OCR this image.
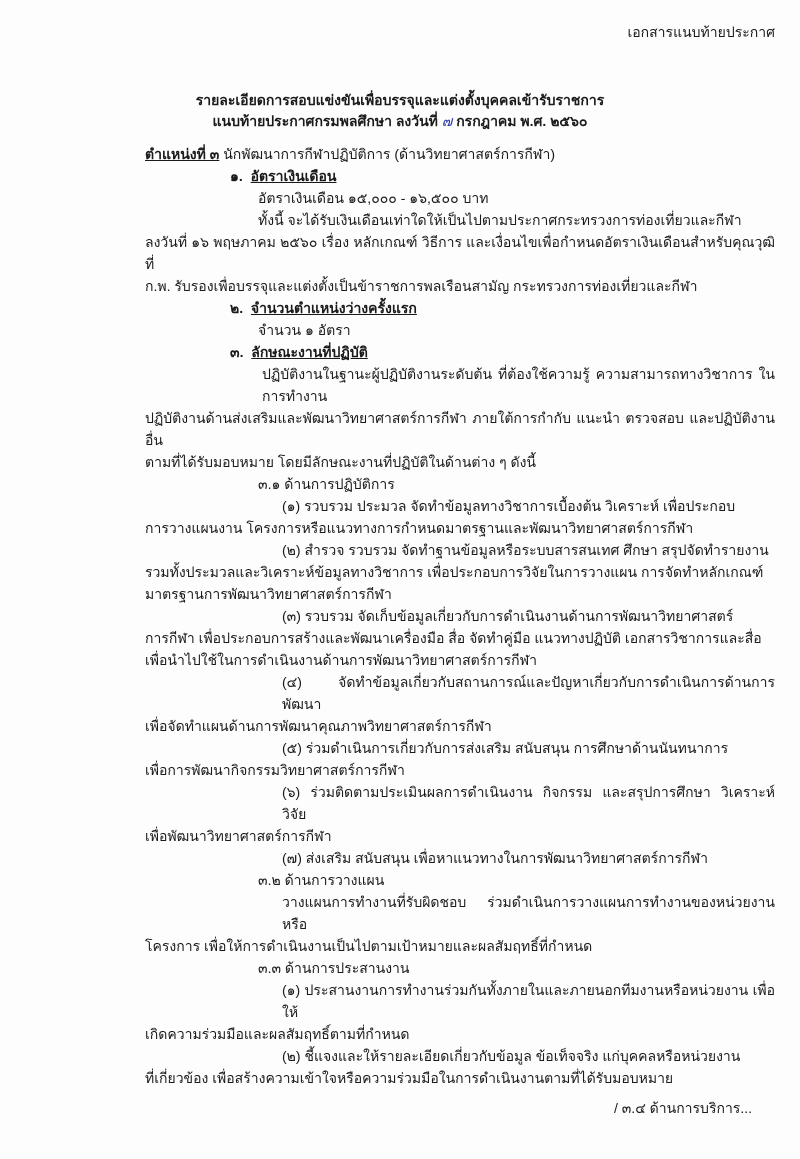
เอกสารแนบท้ายประกาศ
รายละเอียดการสอบแข่งขันเพื่อบรรจุและแต่งตั้งบุคคลเข้ารับราชการ
แนบท้ายประกาศกรมพลศึกษา ลงวันที่ ๗ กรกฎาคม พ.ศ. ๒๕๖๐
ตำแหน่งที่ ๓ นักพัฒนาการกีฬาปฏิบัติการ (ด้านวิทยาศาสตร์การกีฬา)
๑. อัตราเงินเดือน
อัตราเงินเดือน ๑๕,๐๐๐ - ๑๖,๕๐๐ บาท
ทั้งนี้ จะได้รับเงินเดือนเท่าใดให้เป็นไปตามประกาศกระทรวงการท่องเที่ยวและกีฬา
ลงวันที่ ๑๖ พฤษภาคม ๒๕๖๐ เรื่อง หลักเกณฑ์ วิธีการ และเงื่อนไขเพื่อกำหนดอัตราเงินเดือนสำหรับคุณวุฒิที่
ก.พ. รับรองเพื่อบรรจุและแต่งตั้งเป็นข้าราชการพลเรือนสามัญ กระทรวงการท่องเที่ยวและกีฬา
๒. จำนวนตำแหน่งว่างครั้งแรก
จำนวน ๑ อัตรา
๓. ลักษณะงานที่ปฏิบัติ
ปฏิบัติงานในฐานะผู้ปฏิบัติงานระดับต้น ที่ต้องใช้ความรู้ ความสามารถทางวิชาการ ในการทำงาน
ปฏิบัติงานด้านส่งเสริมและพัฒนาวิทยาศาสตร์การกีฬา ภายใต้การกำกับ แนะนำ ตรวจสอบ และปฏิบัติงานอื่น
ตามที่ได้รับมอบหมาย โดยมีลักษณะงานที่ปฏิบัติในด้านต่าง ๆ ดังนี้
๓.๑ ด้านการปฏิบัติการ
(๑) รวบรวม ประมวล จัดทำข้อมูลทางวิชาการเบื้องต้น วิเคราะห์ เพื่อประกอบ
การวางแผนงาน โครงการหรือแนวทางการกำหนดมาตรฐานและพัฒนาวิทยาศาสตร์การกีฬา
(๒) สำรวจ รวบรวม จัดทำฐานข้อมูลหรือระบบสารสนเทศ ศึกษา สรุปจัดทำรายงาน
รวมทั้งประมวลและวิเคราะห์ข้อมูลทางวิชาการ เพื่อประกอบการวิจัยในการวางแผน การจัดทำหลักเกณฑ์
มาตรฐานการพัฒนาวิทยาศาสตร์การกีฬา
(๓) รวบรวม จัดเก็บข้อมูลเกี่ยวกับการดำเนินงานด้านการพัฒนาวิทยาศาสตร์
การกีฬา เพื่อประกอบการสร้างและพัฒนาเครื่องมือ สื่อ จัดทำคู่มือ แนวทางปฏิบัติ เอกสารวิชาการและสื่อ
เพื่อนำไปใช้ในการดำเนินงานด้านการพัฒนาวิทยาศาสตร์การกีฬา
(๔) จัดทำข้อมูลเกี่ยวกับสถานการณ์และปัญหาเกี่ยวกับการดำเนินการด้านการพัฒนา
เพื่อจัดทำแผนด้านการพัฒนาคุณภาพวิทยาศาสตร์การกีฬา
(๕) ร่วมดำเนินการเกี่ยวกับการส่งเสริม สนับสนุน การศึกษาด้านนันทนาการ
เพื่อการพัฒนากิจกรรมวิทยาศาสตร์การกีฬา
(๖) ร่วมติดตามประเมินผลการดำเนินงาน กิจกรรม และสรุปการศึกษา วิเคราะห์ วิจัย
เพื่อพัฒนาวิทยาศาสตร์การกีฬา
(๗) ส่งเสริม สนับสนุน เพื่อหาแนวทางในการพัฒนาวิทยาศาสตร์การกีฬา
๓.๒ ด้านการวางแผน
วางแผนการทำงานที่รับผิดชอบ ร่วมดำเนินการวางแผนการทำงานของหน่วยงานหรือ
โครงการ เพื่อให้การดำเนินงานเป็นไปตามเป้าหมายและผลสัมฤทธิ์ที่กำหนด
๓.๓ ด้านการประสานงาน
(๑) ประสานงานการทำงานร่วมกันทั้งภายในและภายนอกทีมงานหรือหน่วยงาน เพื่อให้
เกิดความร่วมมือและผลสัมฤทธิ์ตามที่กำหนด
(๒) ชี้แจงและให้รายละเอียดเกี่ยวกับข้อมูล ข้อเท็จจริง แก่บุคคลหรือหน่วยงาน
ที่เกี่ยวข้อง เพื่อสร้างความเข้าใจหรือความร่วมมือในการดำเนินงานตามที่ได้รับมอบหมาย
/ ๓.๔ ด้านการบริการ...
